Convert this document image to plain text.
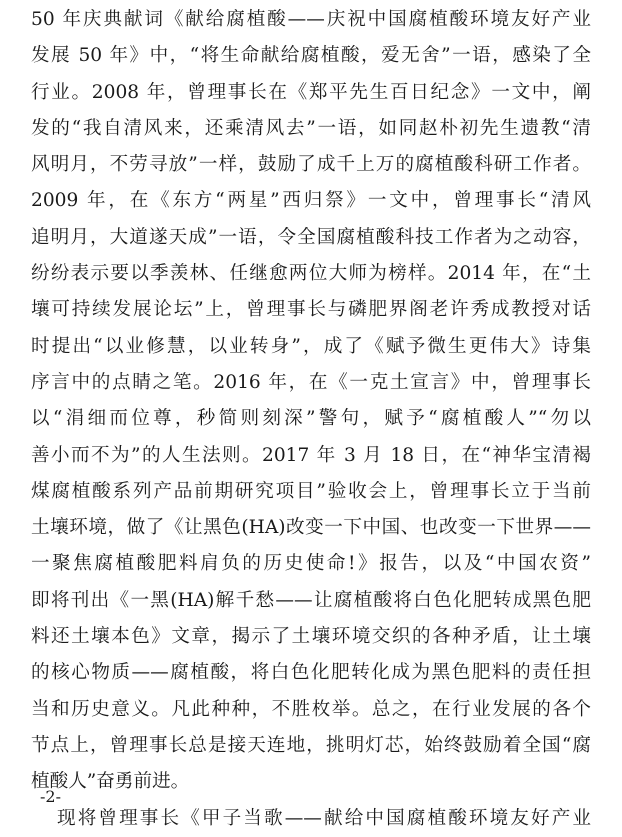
50 年庆典献词《献给腐植酸——庆祝中国腐植酸环境友好产业
发展 50 年》中，“将生命献给腐植酸，爱无舍”一语，感染了全
行业。2008 年，曾理事长在《郑平先生百日纪念》一文中，阐
发的“我自清风来，还乘清风去”一语，如同赵朴初先生遗教“清
风明月，不劳寻放”一样，鼓励了成千上万的腐植酸科研工作者。
2009 年，在《东方“两星”西归祭》一文中，曾理事长“清风
追明月，大道遂天成”一语，令全国腐植酸科技工作者为之动容，
纷纷表示要以季羡林、任继愈两位大师为榜样。2014 年，在“土
壤可持续发展论坛”上，曾理事长与磷肥界阁老许秀成教授对话
时提出“以业修慧，以业转身”，成了《赋予微生更伟大》诗集
序言中的点睛之笔。2016 年，在《一克土宣言》中，曾理事长
以“涓细而位尊，秒简则刻深”警句，赋予“腐植酸人”“勿以
善小而不为”的人生法则。2017 年 3 月 18 日，在“神华宝清褐
煤腐植酸系列产品前期研究项目”验收会上，曾理事长立于当前
土壤环境，做了《让黑色(HA)改变一下中国、也改变一下世界——
一聚焦腐植酸肥料肩负的历史使命!》报告，以及“中国农资”
即将刊出《一黑(HA)解千愁——让腐植酸将白色化肥转成黑色肥
料还土壤本色》文章，揭示了土壤环境交织的各种矛盾，让土壤
的核心物质——腐植酸，将白色化肥转化成为黑色肥料的责任担
当和历史意义。凡此种种，不胜枚举。总之，在行业发展的各个
节点上，曾理事长总是接天连地，挑明灯芯，始终鼓励着全国“腐
植酸人”奋勇前进。
现将曾理事长《甲子当歌——献给中国腐植酸环境友好产业
-2-
